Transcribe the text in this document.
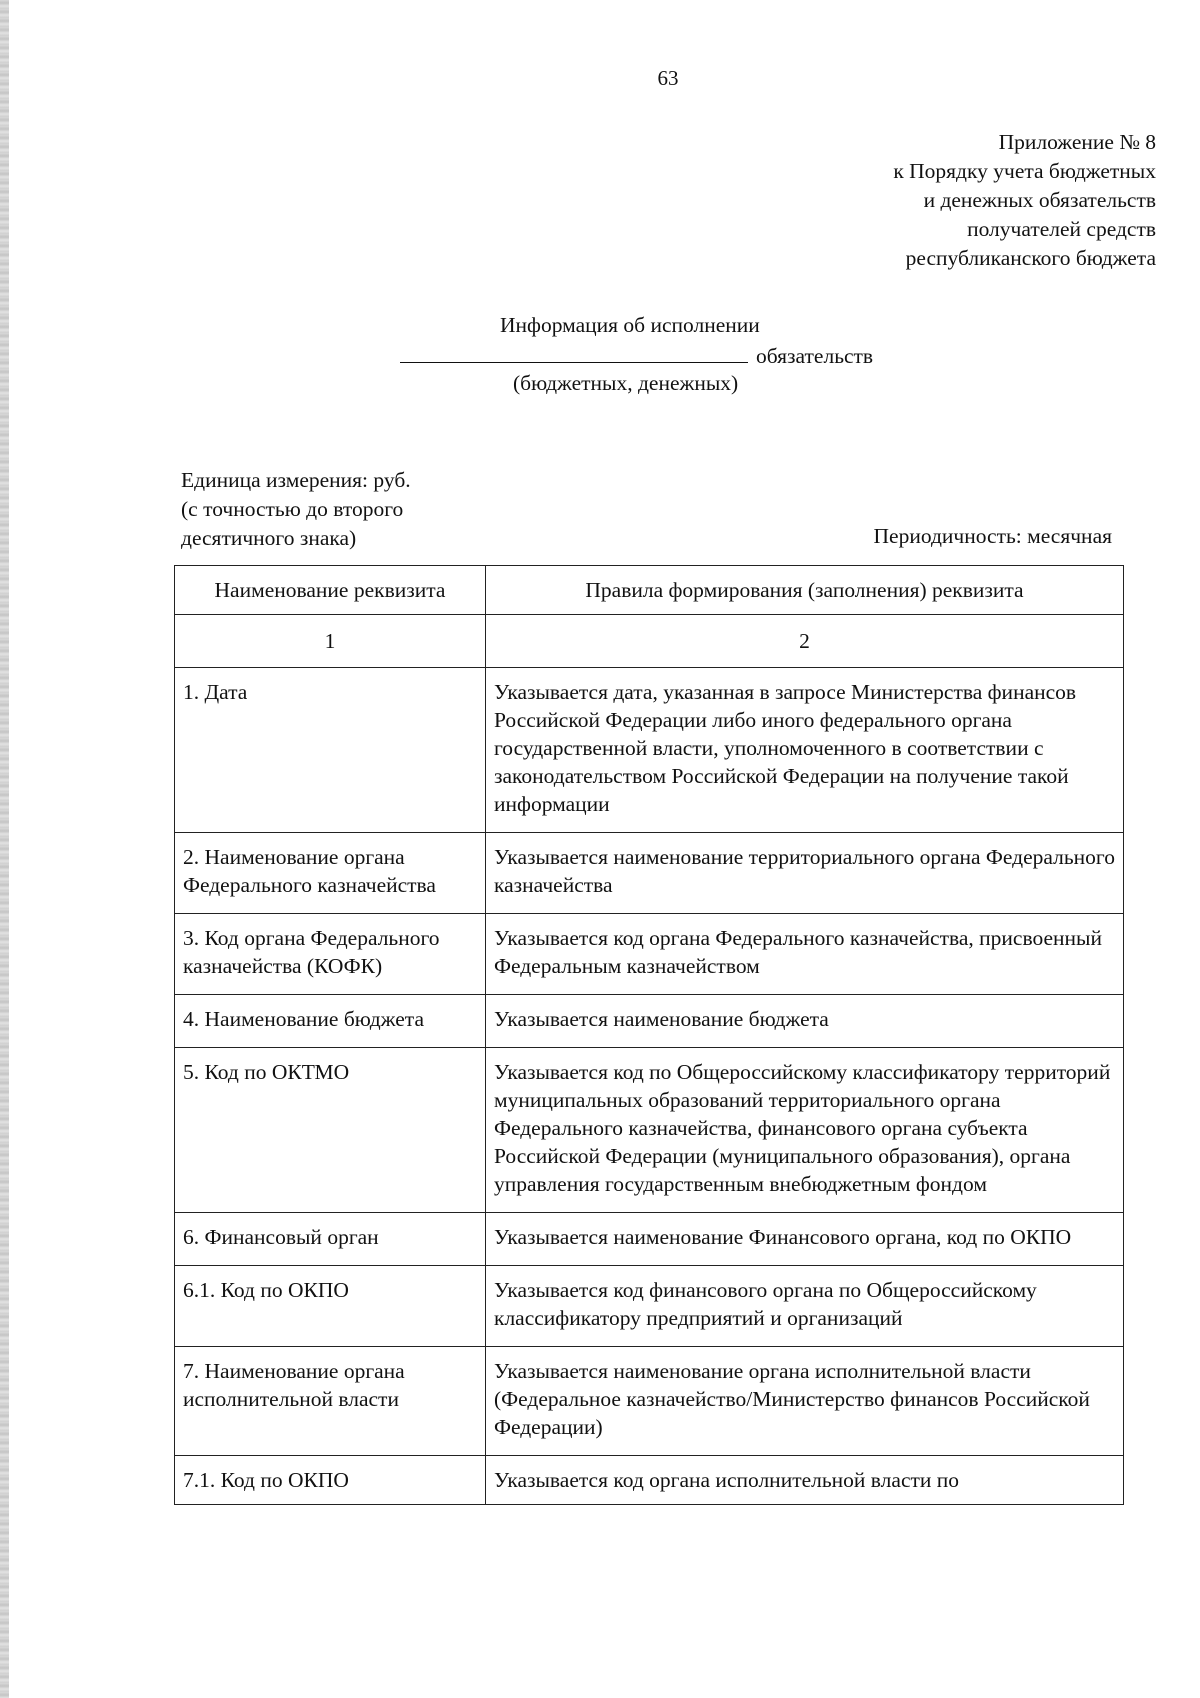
63
Приложение № 8
к Порядку учета бюджетных
и денежных обязательств
получателей средств
республиканского бюджета
Информация об исполнении
обязательств
(бюджетных, денежных)
Единица измерения: руб.
(с точностью до второго
десятичного знака)	Периодичность: месячная
Наименование реквизита	Правила формирования (заполнения) реквизита
1	2
1. Дата	Указывается дата, указанная в запросе Министерства финансов Российской Федерации либо иного федерального органа государственной власти, уполномоченного в соответствии с законодательством Российской Федерации на получение такой информации
2. Наименование органа Федерального казначейства	Указывается наименование территориального органа Федерального казначейства
3. Код органа Федерального казначейства (КОФК)	Указывается код органа Федерального казначейства, присвоенный Федеральным казначейством
4. Наименование бюджета	Указывается наименование бюджета
5. Код по ОКТМО	Указывается код по Общероссийскому классификатору территорий муниципальных образований территориального органа Федерального казначейства, финансового органа субъекта Российской Федерации (муниципального образования), органа управления государственным внебюджетным фондом
6. Финансовый орган	Указывается наименование Финансового органа, код по ОКПО
6.1. Код по ОКПО	Указывается код финансового органа по Общероссийскому классификатору предприятий и организаций
7. Наименование органа исполнительной власти	Указывается наименование органа исполнительной власти (Федеральное казначейство/Министерство финансов Российской Федерации)
7.1. Код по ОКПО	Указывается код органа исполнительной власти по
